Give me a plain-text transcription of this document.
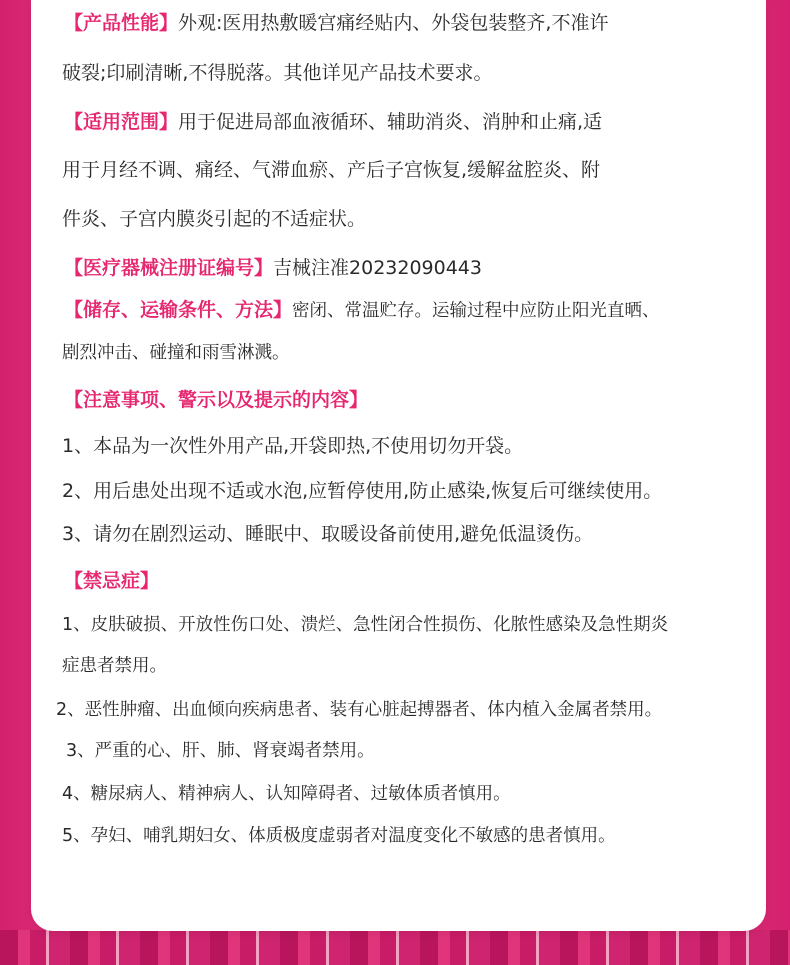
【产品性能】外观:医用热敷暖宫痛经贴内、外袋包装整齐,不准许
破裂;印刷清晰,不得脱落。其他详见产品技术要求。
【适用范围】用于促进局部血液循环、辅助消炎、消肿和止痛,适
用于月经不调、痛经、气滞血瘀、产后子宫恢复,缓解盆腔炎、附
件炎、子宫内膜炎引起的不适症状。
【医疗器械注册证编号】吉械注准20232090443
【储存、运输条件、方法】密闭、常温贮存。运输过程中应防止阳光直晒、
剧烈冲击、碰撞和雨雪淋溅。
【注意事项、警示以及提示的内容】
1、本品为一次性外用产品,开袋即热,不使用切勿开袋。
2、用后患处出现不适或水泡,应暂停使用,防止感染,恢复后可继续使用。
3、请勿在剧烈运动、睡眠中、取暖设备前使用,避免低温烫伤。
【禁忌症】
1、皮肤破损、开放性伤口处、溃烂、急性闭合性损伤、化脓性感染及急性期炎
症患者禁用。
2、恶性肿瘤、出血倾向疾病患者、装有心脏起搏器者、体内植入金属者禁用。
3、严重的心、肝、肺、肾衰竭者禁用。
4、糖尿病人、精神病人、认知障碍者、过敏体质者慎用。
5、孕妇、哺乳期妇女、体质极度虚弱者对温度变化不敏感的患者慎用。
